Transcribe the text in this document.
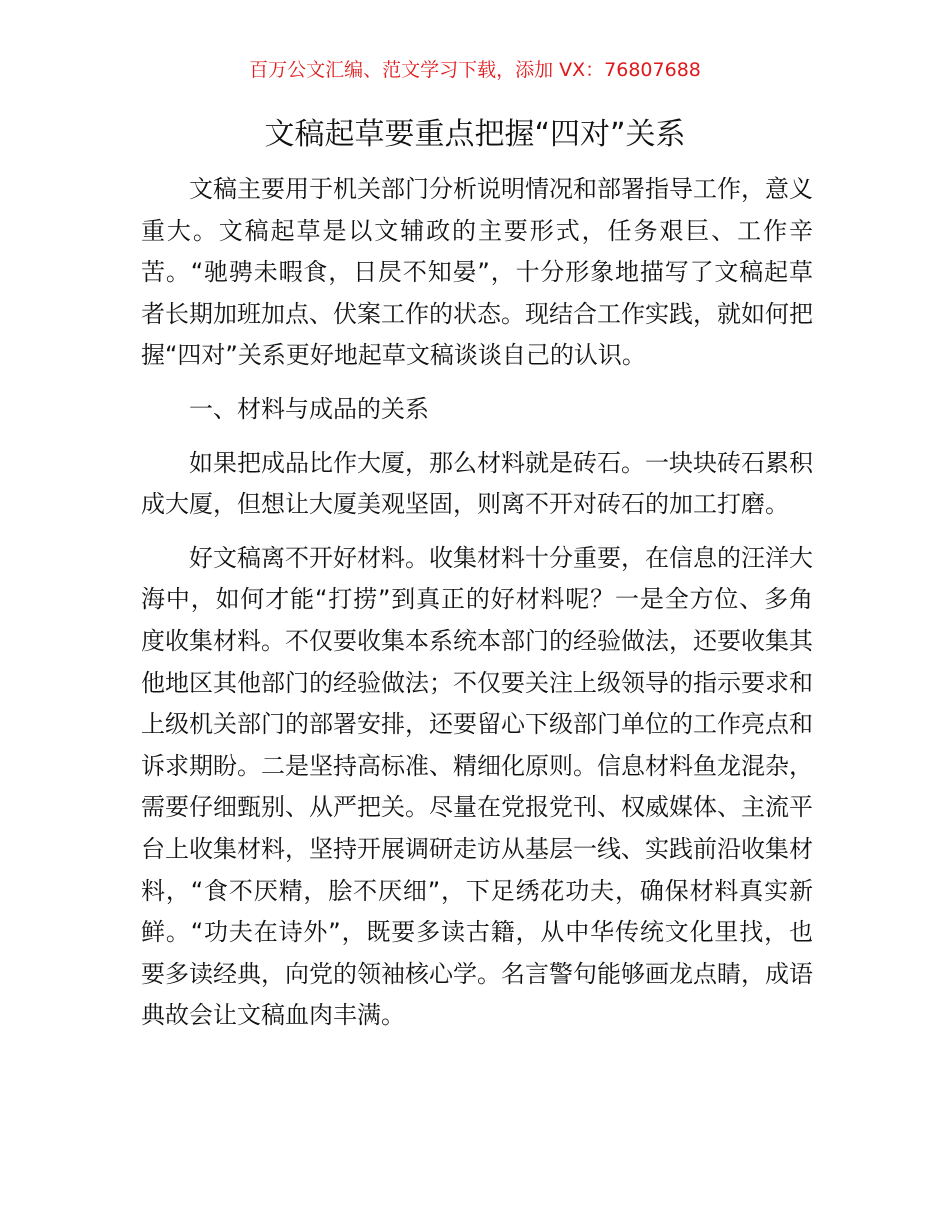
百万公文汇编、范文学习下载，添加 VX：76807688
文稿起草要重点把握“四对”关系

文稿主要用于机关部门分析说明情况和部署指导工作，意义重大。文稿起草是以文辅政的主要形式，任务艰巨、工作辛苦。“驰骋未暇食，日昃不知晏”，十分形象地描写了文稿起草者长期加班加点、伏案工作的状态。现结合工作实践，就如何把握“四对”关系更好地起草文稿谈谈自己的认识。

一、材料与成品的关系

如果把成品比作大厦，那么材料就是砖石。一块块砖石累积成大厦，但想让大厦美观坚固，则离不开对砖石的加工打磨。

好文稿离不开好材料。收集材料十分重要，在信息的汪洋大海中，如何才能“打捞”到真正的好材料呢？一是全方位、多角度收集材料。不仅要收集本系统本部门的经验做法，还要收集其他地区其他部门的经验做法；不仅要关注上级领导的指示要求和上级机关部门的部署安排，还要留心下级部门单位的工作亮点和诉求期盼。二是坚持高标准、精细化原则。信息材料鱼龙混杂，需要仔细甄别、从严把关。尽量在党报党刊、权威媒体、主流平台上收集材料，坚持开展调研走访从基层一线、实践前沿收集材料，“食不厌精，脍不厌细”，下足绣花功夫，确保材料真实新鲜。“功夫在诗外”，既要多读古籍，从中华传统文化里找，也要多读经典，向党的领袖核心学。名言警句能够画龙点睛，成语典故会让文稿血肉丰满。
